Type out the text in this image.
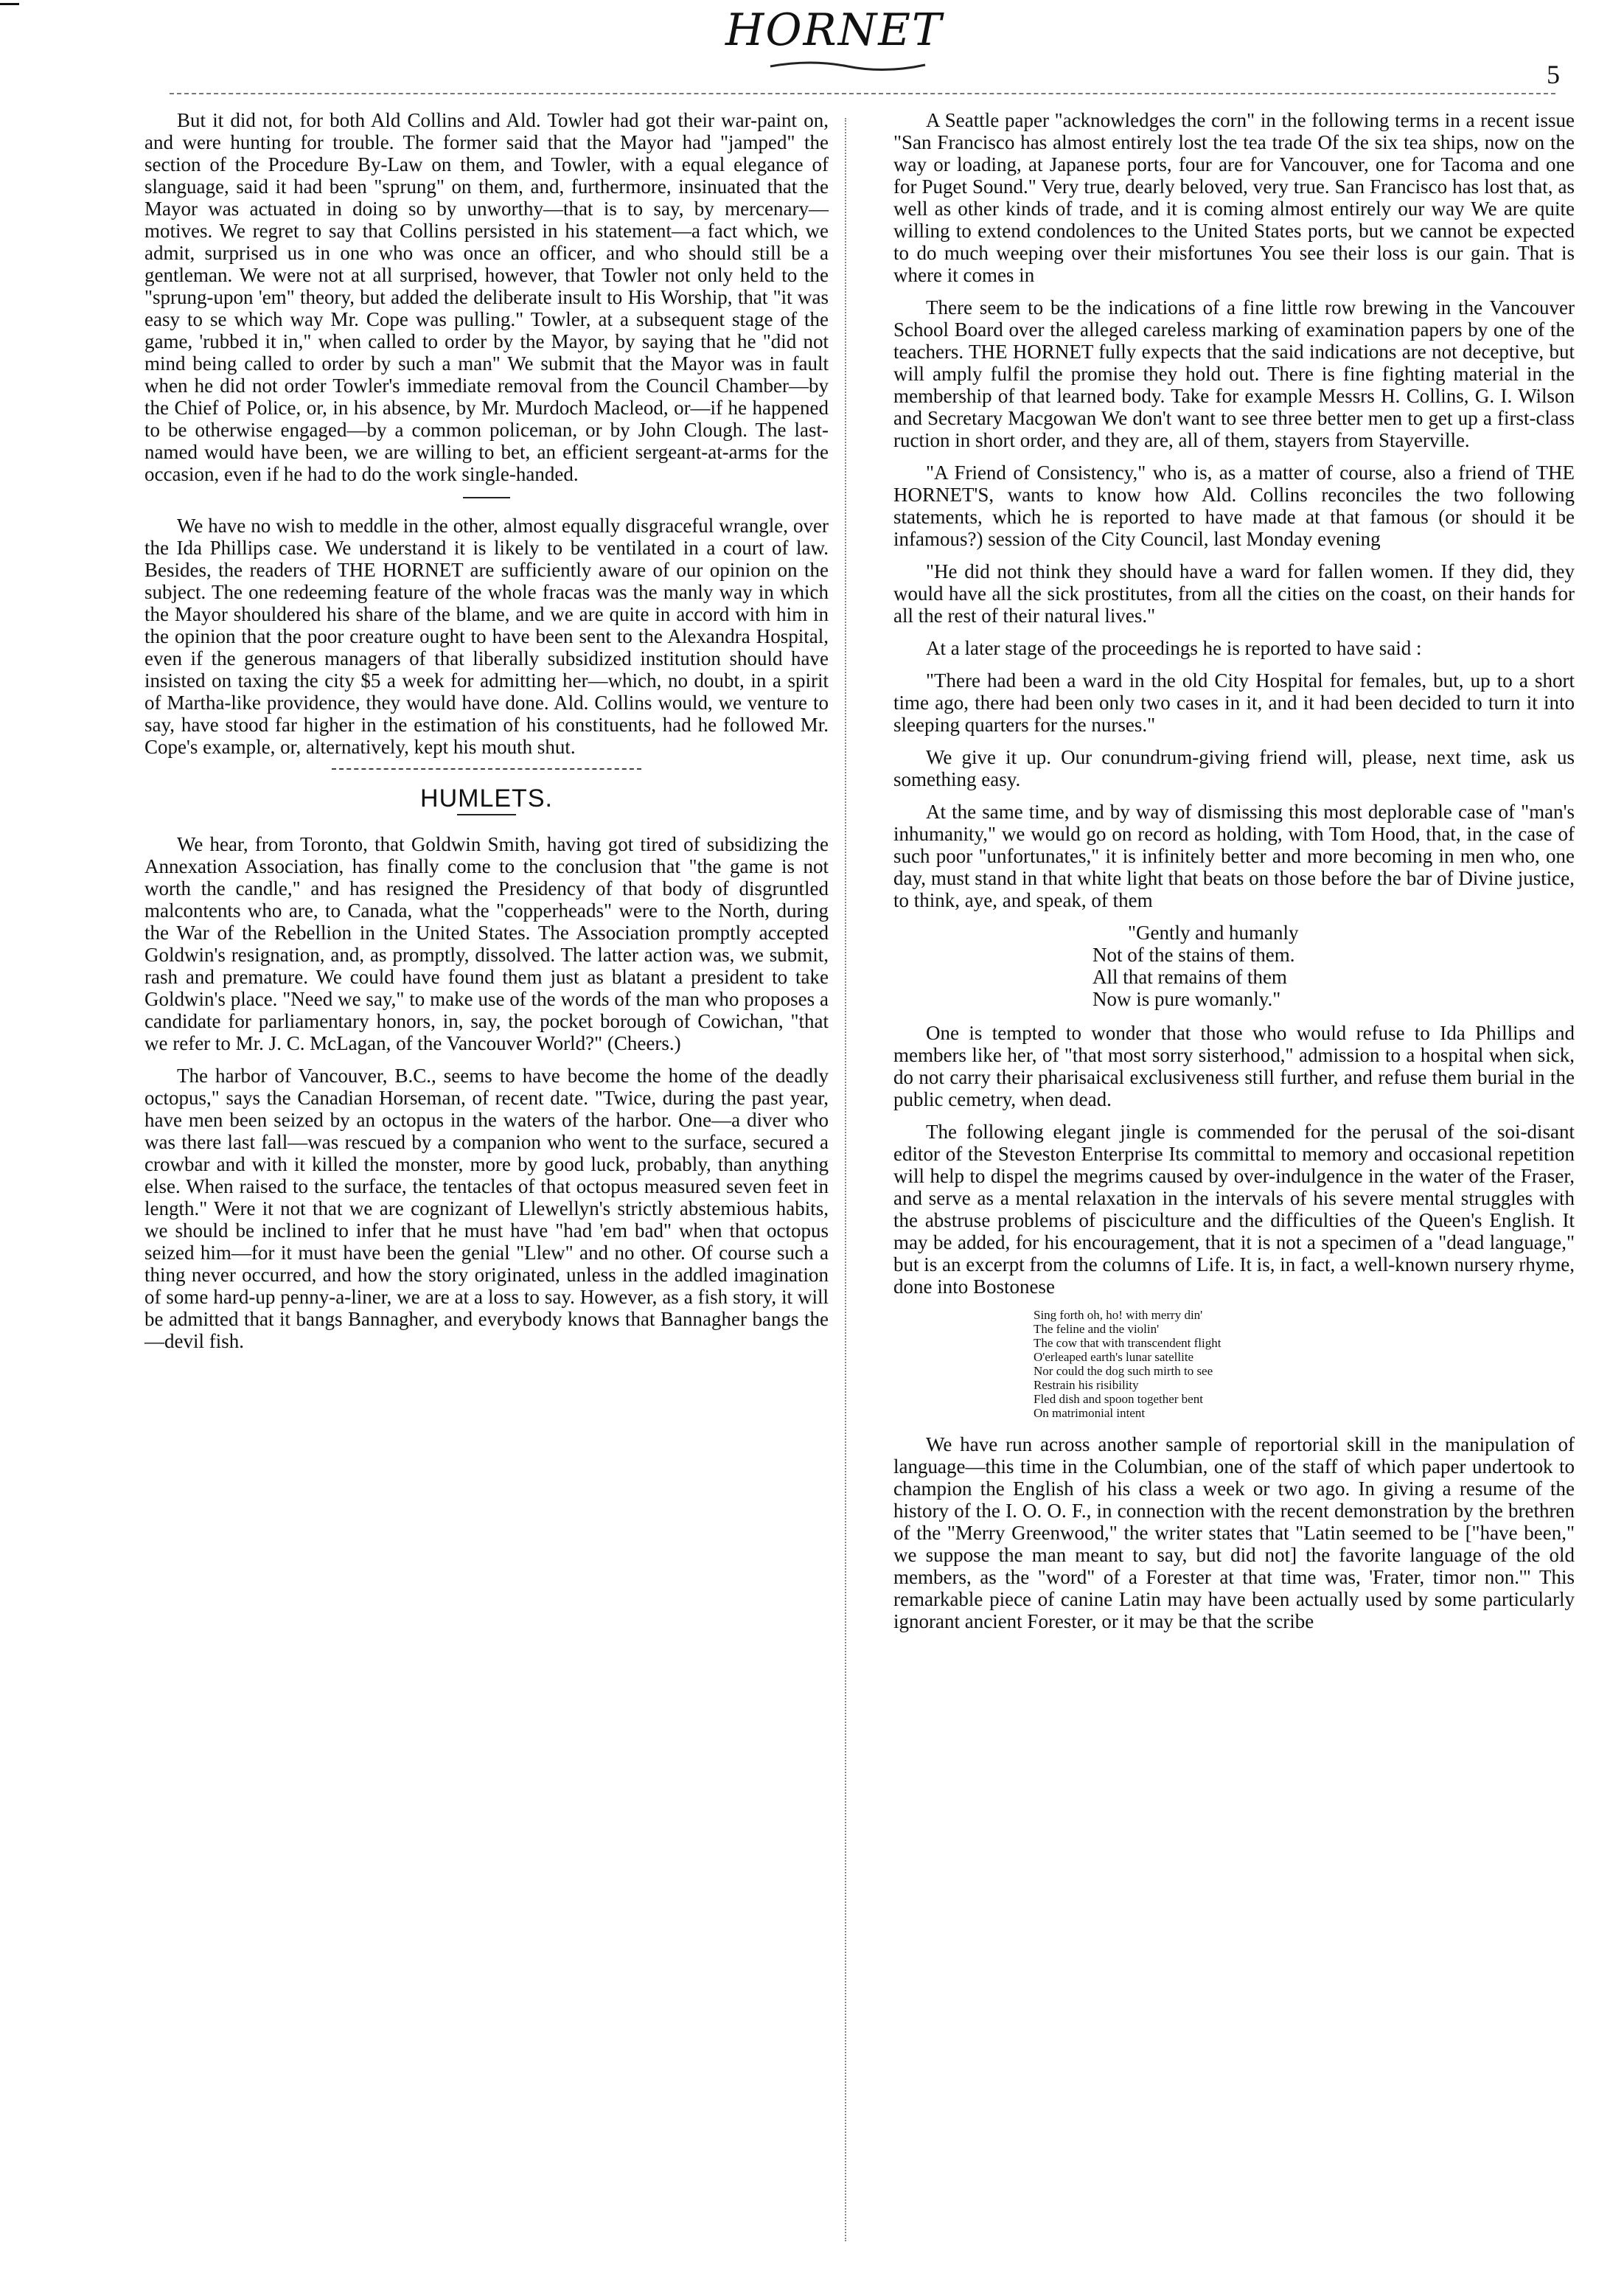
HORNET
5

But it did not, for both Ald Collins and Ald. Towler had got their war-paint on, and were hunting for trouble. The former said that the Mayor had "jamped" the section of the Procedure By-Law on them, and Towler, with a equal elegance of slanguage, said it had been "sprung" on them, and, furthermore, insinuated that the Mayor was actuated in doing so by unworthy—that is to say, by mercenary—motives. We regret to say that Collins persisted in his statement—a fact which, we admit, surprised us in one who was once an officer, and who should still be a gentleman. We were not at all surprised, however, that Towler not only held to the "sprung-upon 'em" theory, but added the deliberate insult to His Worship, that "it was easy to se which way Mr. Cope was pulling." Towler, at a subsequent stage of the game, 'rubbed it in," when called to order by the Mayor, by saying that he "did not mind being called to order by such a man" We submit that the Mayor was in fault when he did not order Towler's immediate removal from the Council Chamber—by the Chief of Police, or, in his absence, by Mr. Murdoch Macleod, or—if he happened to be otherwise engaged—by a common policeman, or by John Clough. The last-named would have been, we are willing to bet, an efficient sergeant-at-arms for the occasion, even if he had to do the work single-handed.

We have no wish to meddle in the other, almost equally disgraceful wrangle, over the Ida Phillips case. We understand it is likely to be ventilated in a court of law. Besides, the readers of THE HORNET are sufficiently aware of our opinion on the subject. The one redeeming feature of the whole fracas was the manly way in which the Mayor shouldered his share of the blame, and we are quite in accord with him in the opinion that the poor creature ought to have been sent to the Alexandra Hospital, even if the generous managers of that liberally subsidized institution should have insisted on taxing the city $5 a week for admitting her—which, no doubt, in a spirit of Martha-like providence, they would have done. Ald. Collins would, we venture to say, have stood far higher in the estimation of his constituents, had he followed Mr. Cope's example, or, alternatively, kept his mouth shut.

HUMLETS.

We hear, from Toronto, that Goldwin Smith, having got tired of subsidizing the Annexation Association, has finally come to the conclusion that "the game is not worth the candle," and has resigned the Presidency of that body of disgruntled malcontents who are, to Canada, what the "copperheads" were to the North, during the War of the Rebellion in the United States. The Association promptly accepted Goldwin's resignation, and, as promptly, dissolved. The latter action was, we submit, rash and premature. We could have found them just as blatant a president to take Goldwin's place. "Need we say," to make use of the words of the man who proposes a candidate for parliamentary honors, in, say, the pocket borough of Cowichan, "that we refer to Mr. J. C. McLagan, of the Vancouver World?" (Cheers.)

The harbor of Vancouver, B.C., seems to have become the home of the deadly octopus," says the Canadian Horseman, of recent date. "Twice, during the past year, have men been seized by an octopus in the waters of the harbor. One—a diver who was there last fall—was rescued by a companion who went to the surface, secured a crowbar and with it killed the monster, more by good luck, probably, than anything else. When raised to the surface, the tentacles of that octopus measured seven feet in length." Were it not that we are cognizant of Llewellyn's strictly abstemious habits, we should be inclined to infer that he must have "had 'em bad" when that octopus seized him—for it must have been the genial "Llew" and no other. Of course such a thing never occurred, and how the story originated, unless in the addled imagination of some hard-up penny-a-liner, we are at a loss to say. However, as a fish story, it will be admitted that it bangs Bannagher, and everybody knows that Bannagher bangs the—devil fish.

A Seattle paper "acknowledges the corn" in the following terms in a recent issue "San Francisco has almost entirely lost the tea trade Of the six tea ships, now on the way or loading, at Japanese ports, four are for Vancouver, one for Tacoma and one for Puget Sound." Very true, dearly beloved, very true. San Francisco has lost that, as well as other kinds of trade, and it is coming almost entirely our way We are quite willing to extend condolences to the United States ports, but we cannot be expected to do much weeping over their misfortunes You see their loss is our gain. That is where it comes in

There seem to be the indications of a fine little row brewing in the Vancouver School Board over the alleged careless marking of examination papers by one of the teachers. THE HORNET fully expects that the said indications are not deceptive, but will amply fulfil the promise they hold out. There is fine fighting material in the membership of that learned body. Take for example Messrs H. Collins, G. I. Wilson and Secretary Macgowan We don't want to see three better men to get up a first-class ruction in short order, and they are, all of them, stayers from Stayerville.

"A Friend of Consistency," who is, as a matter of course, also a friend of THE HORNET'S, wants to know how Ald. Collins reconciles the two following statements, which he is reported to have made at that famous (or should it be infamous?) session of the City Council, last Monday evening

"He did not think they should have a ward for fallen women. If they did, they would have all the sick prostitutes, from all the cities on the coast, on their hands for all the rest of their natural lives."

At a later stage of the proceedings he is reported to have said :

"There had been a ward in the old City Hospital for females, but, up to a short time ago, there had been only two cases in it, and it had been decided to turn it into sleeping quarters for the nurses."

We give it up. Our conundrum-giving friend will, please, next time, ask us something easy.

At the same time, and by way of dismissing this most deplorable case of "man's inhumanity," we would go on record as holding, with Tom Hood, that, in the case of such poor "unfortunates," it is infinitely better and more becoming in men who, one day, must stand in that white light that beats on those before the bar of Divine justice, to think, aye, and speak, of them

"Gently and humanly
Not of the stains of them.
All that remains of them
Now is pure womanly."

One is tempted to wonder that those who would refuse to Ida Phillips and members like her, of "that most sorry sisterhood," admission to a hospital when sick, do not carry their pharisaical exclusiveness still further, and refuse them burial in the public cemetry, when dead.

The following elegant jingle is commended for the perusal of the soi-disant editor of the Steveston Enterprise Its committal to memory and occasional repetition will help to dispel the megrims caused by over-indulgence in the water of the Fraser, and serve as a mental relaxation in the intervals of his severe mental struggles with the abstruse problems of pisciculture and the difficulties of the Queen's English. It may be added, for his encouragement, that it is not a specimen of a "dead language," but is an excerpt from the columns of Life. It is, in fact, a well-known nursery rhyme, done into Bostonese

Sing forth oh, ho! with merry din'
The feline and the violin'
The cow that with transcendent flight
O'erleaped earth's lunar satellite
Nor could the dog such mirth to see
Restrain his risibility
Fled dish and spoon together bent
On matrimonial intent

We have run across another sample of reportorial skill in the manipulation of language—this time in the Columbian, one of the staff of which paper undertook to champion the English of his class a week or two ago. In giving a resume of the history of the I. O. O. F., in connection with the recent demonstration by the brethren of the "Merry Greenwood," the writer states that "Latin seemed to be ["have been," we suppose the man meant to say, but did not] the favorite language of the old members, as the "word" of a Forester at that time was, 'Frater, timor non.'" This remarkable piece of canine Latin may have been actually used by some particularly ignorant ancient Forester, or it may be that the scribe
